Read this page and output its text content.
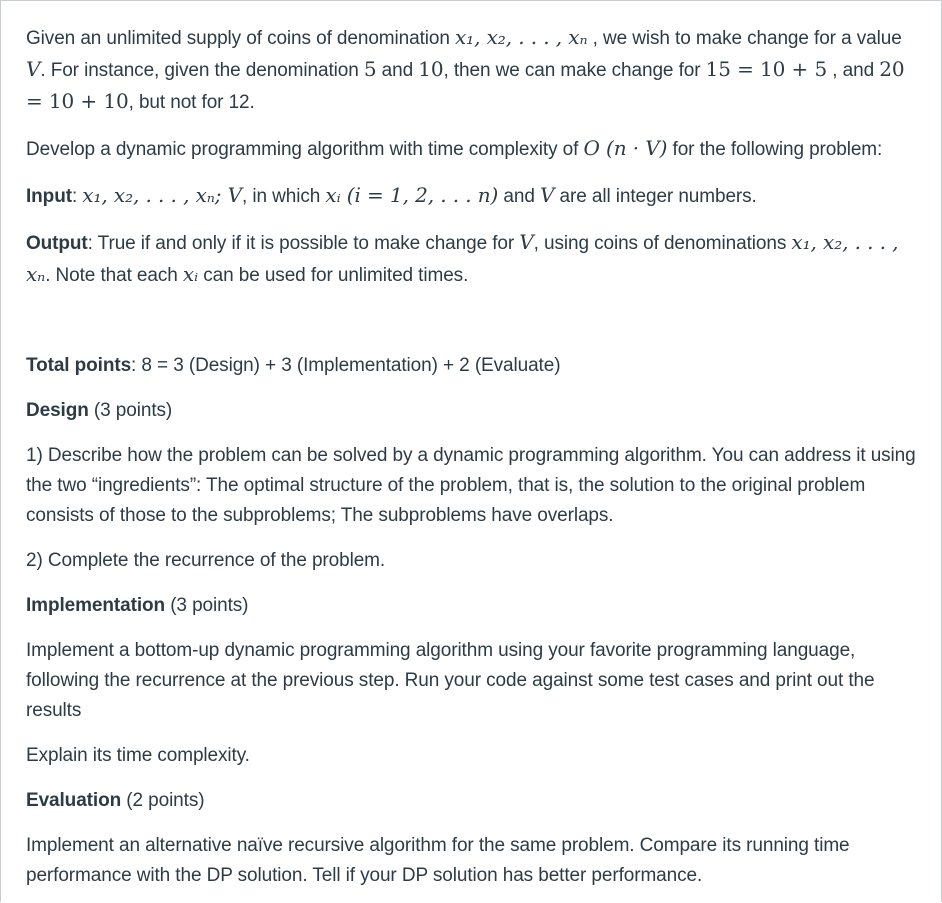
Given an unlimited supply of coins of denomination x₁, x₂, . . . , xₙ , we wish to make change for a value V. For instance, given the denomination 5 and 10, then we can make change for 15 = 10 + 5 , and 20 = 10 + 10, but not for 12.

Develop a dynamic programming algorithm with time complexity of O (n · V) for the following problem:

Input: x₁, x₂, . . . , xₙ; V, in which xᵢ (i = 1, 2, . . . n) and V are all integer numbers.

Output: True if and only if it is possible to make change for V, using coins of denominations x₁, x₂, . . . , xₙ. Note that each xᵢ can be used for unlimited times.

Total points: 8 = 3 (Design) + 3 (Implementation) + 2 (Evaluate)

Design (3 points)

1) Describe how the problem can be solved by a dynamic programming algorithm. You can address it using the two “ingredients”: The optimal structure of the problem, that is, the solution to the original problem consists of those to the subproblems; The subproblems have overlaps.

2) Complete the recurrence of the problem.

Implementation (3 points)

Implement a bottom-up dynamic programming algorithm using your favorite programming language, following the recurrence at the previous step. Run your code against some test cases and print out the results

Explain its time complexity.

Evaluation (2 points)

Implement an alternative naïve recursive algorithm for the same problem. Compare its running time performance with the DP solution. Tell if your DP solution has better performance.
